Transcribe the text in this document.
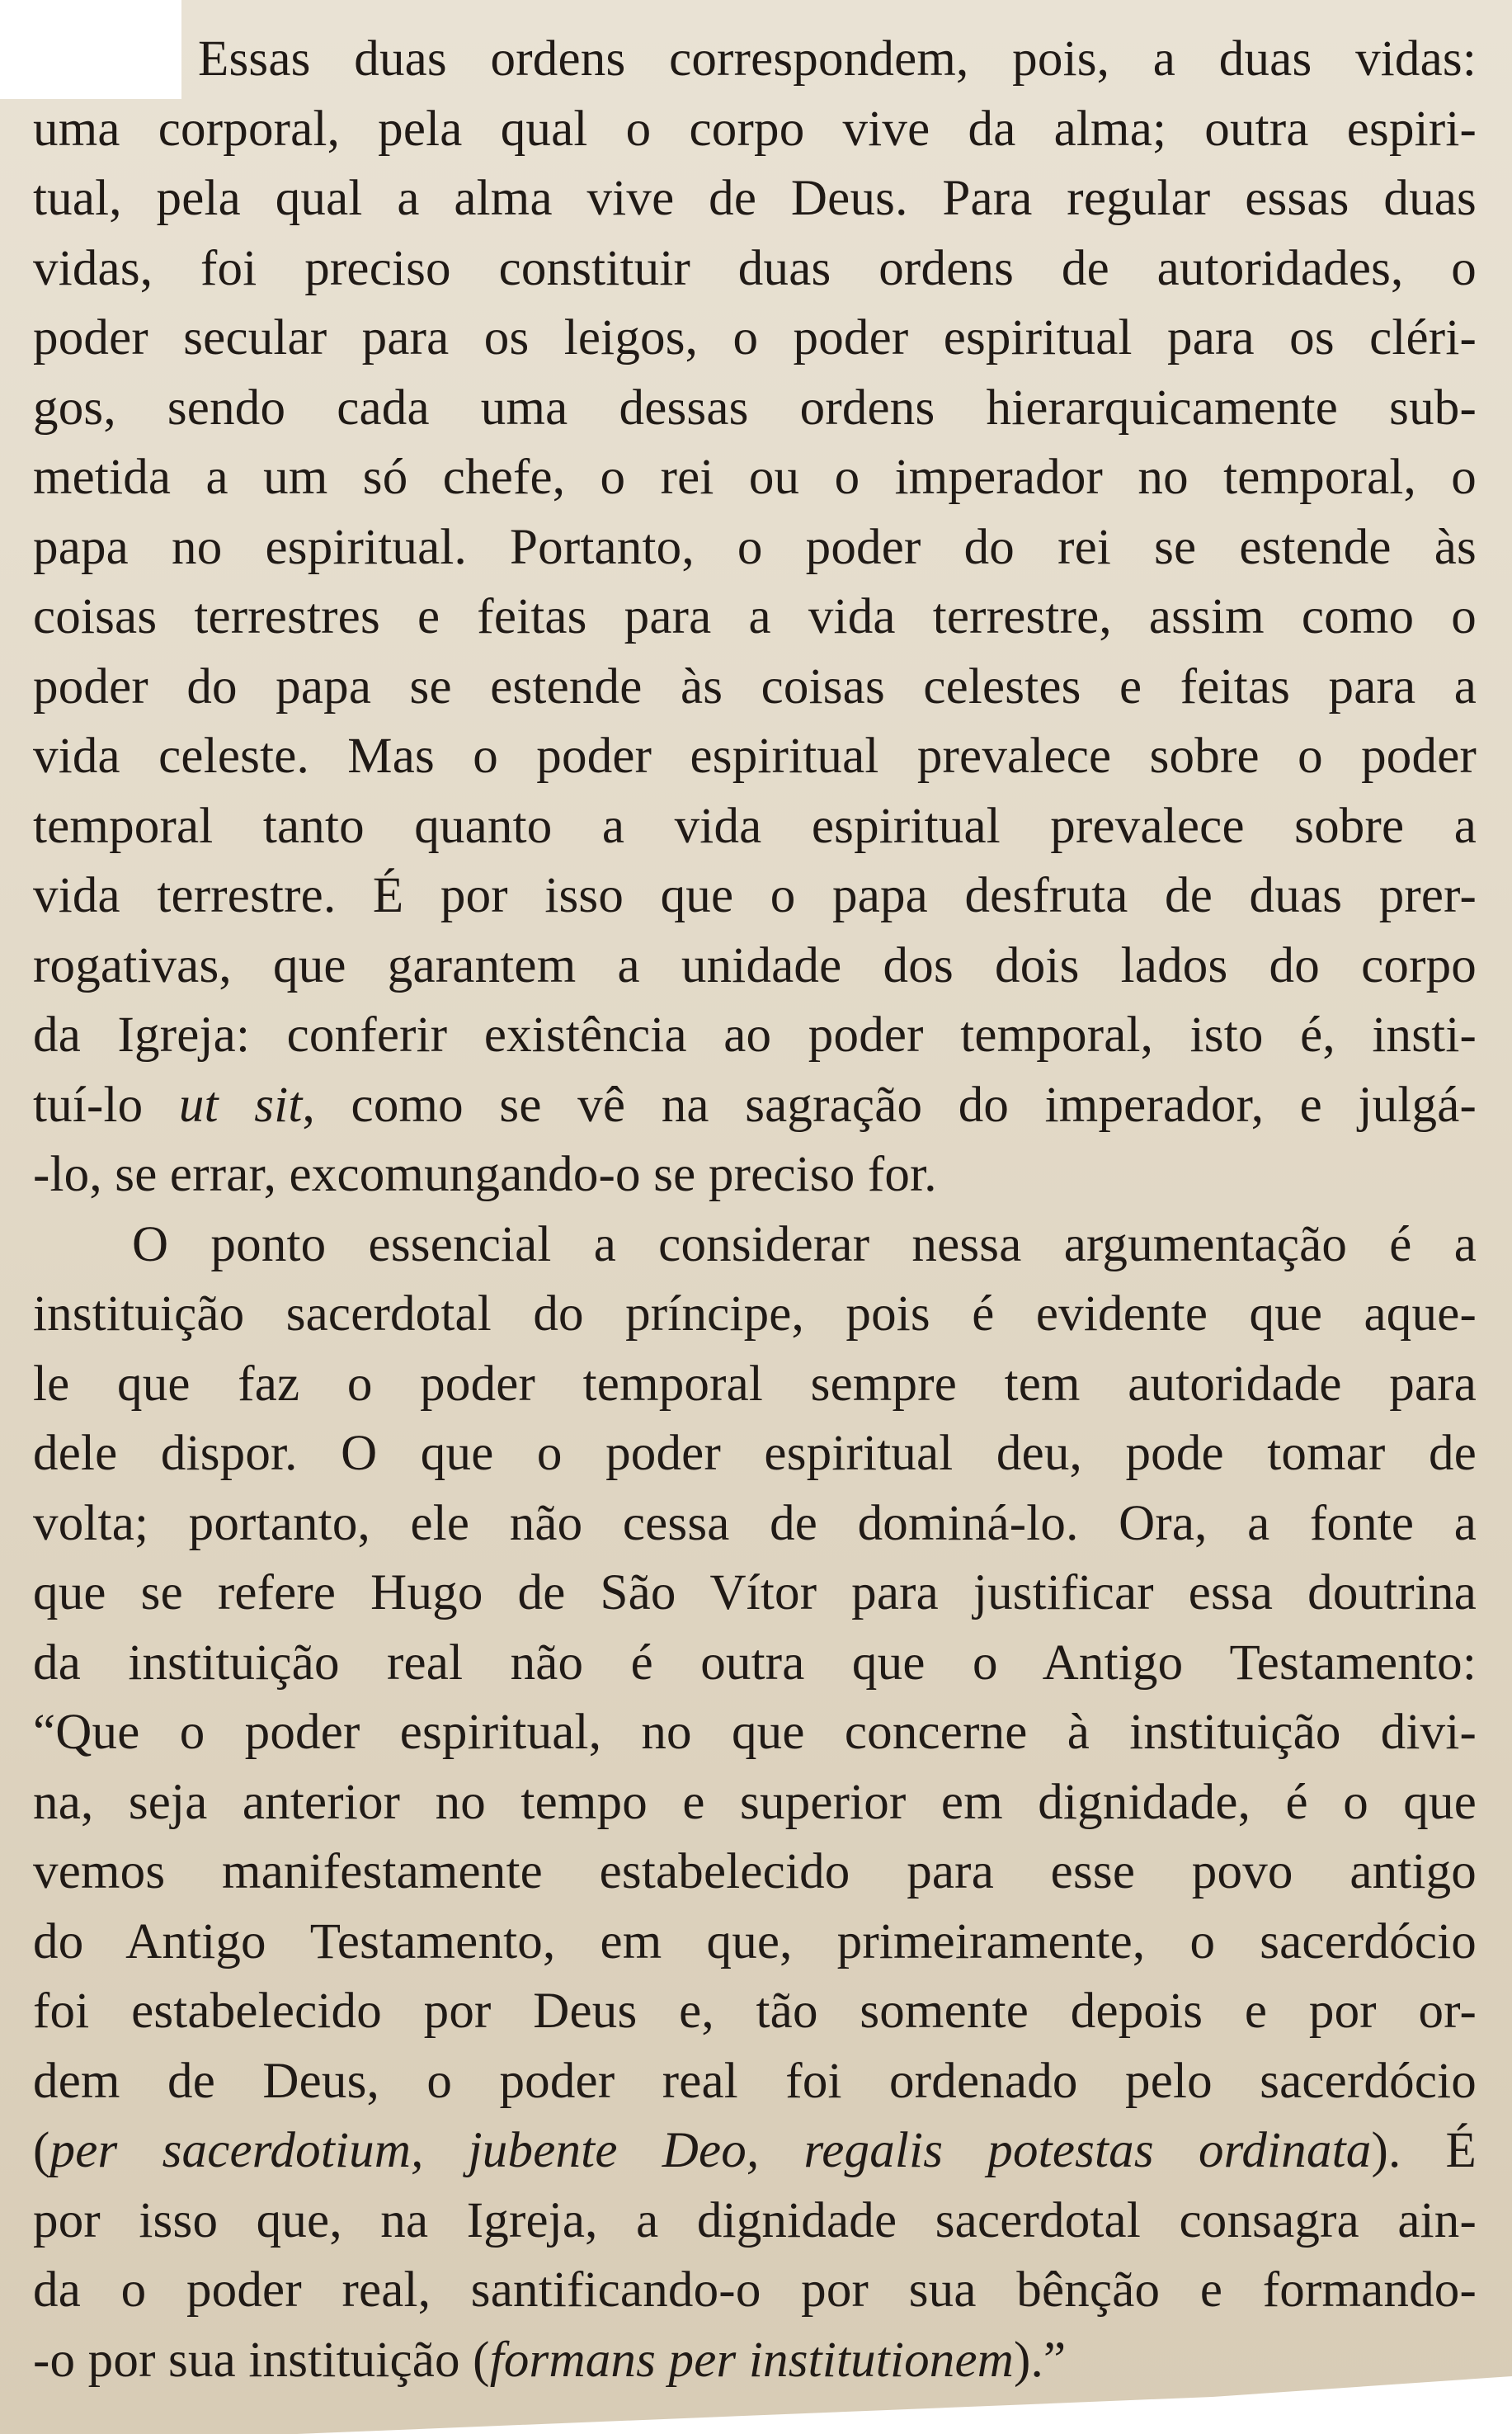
Essas duas ordens correspondem, pois, a duas vidas:
uma corporal, pela qual o corpo vive da alma; outra espiri-
tual, pela qual a alma vive de Deus. Para regular essas duas
vidas, foi preciso constituir duas ordens de autoridades, o
poder secular para os leigos, o poder espiritual para os cléri-
gos, sendo cada uma dessas ordens hierarquicamente sub-
metida a um só chefe, o rei ou o imperador no temporal, o
papa no espiritual. Portanto, o poder do rei se estende às
coisas terrestres e feitas para a vida terrestre, assim como o
poder do papa se estende às coisas celestes e feitas para a
vida celeste. Mas o poder espiritual prevalece sobre o poder
temporal tanto quanto a vida espiritual prevalece sobre a
vida terrestre. É por isso que o papa desfruta de duas prer-
rogativas, que garantem a unidade dos dois lados do corpo
da Igreja: conferir existência ao poder temporal, isto é, insti-
tuí-lo ut sit, como se vê na sagração do imperador, e julgá-
-lo, se errar, excomungando-o se preciso for.
O ponto essencial a considerar nessa argumentação é a
instituição sacerdotal do príncipe, pois é evidente que aque-
le que faz o poder temporal sempre tem autoridade para
dele dispor. O que o poder espiritual deu, pode tomar de
volta; portanto, ele não cessa de dominá-lo. Ora, a fonte a
que se refere Hugo de São Vítor para justificar essa doutrina
da instituição real não é outra que o Antigo Testamento:
“Que o poder espiritual, no que concerne à instituição divi-
na, seja anterior no tempo e superior em dignidade, é o que
vemos manifestamente estabelecido para esse povo antigo
do Antigo Testamento, em que, primeiramente, o sacerdócio
foi estabelecido por Deus e, tão somente depois e por or-
dem de Deus, o poder real foi ordenado pelo sacerdócio
(per sacerdotium, jubente Deo, regalis potestas ordinata). É
por isso que, na Igreja, a dignidade sacerdotal consagra ain-
da o poder real, santificando-o por sua bênção e formando-
-o por sua instituição (formans per institutionem).”
